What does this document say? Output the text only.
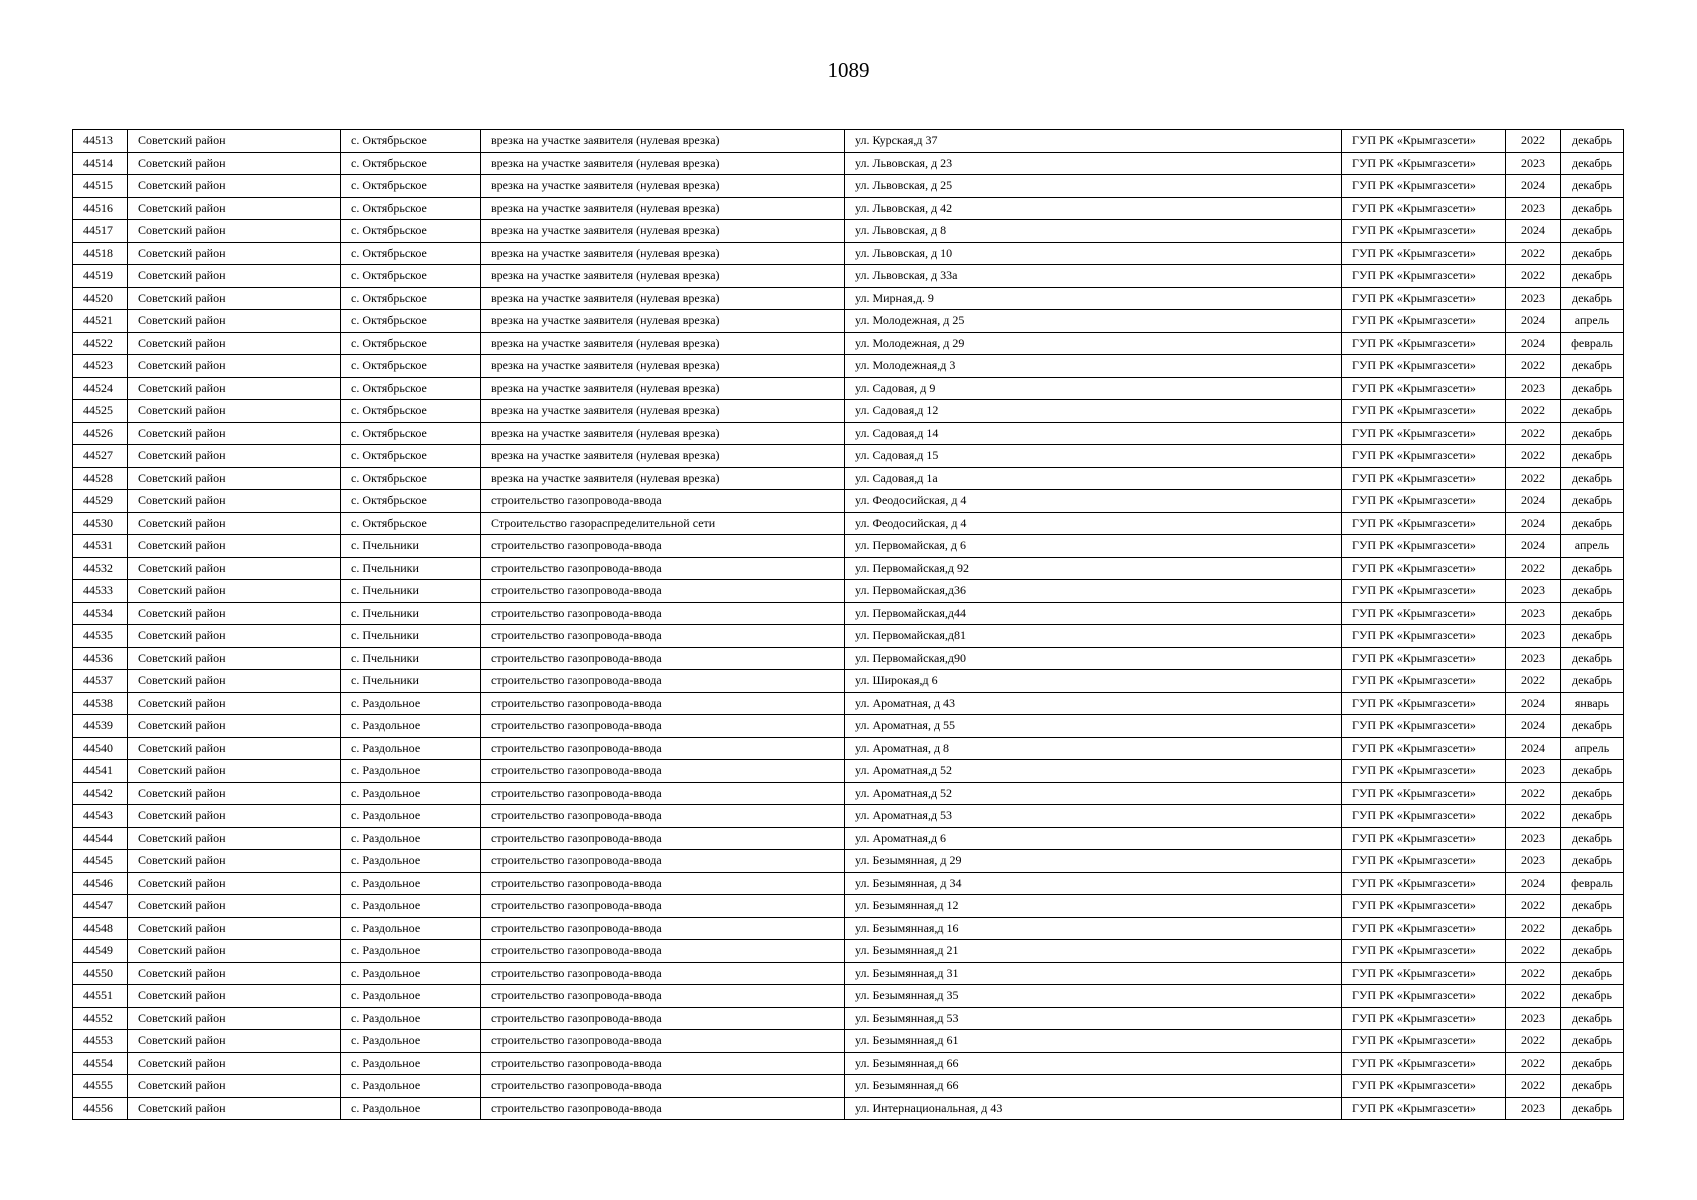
1089
44513	Советский район	с. Октябрьское	врезка на участке заявителя (нулевая врезка)	ул. Курская,д 37	ГУП РК «Крымгазсети»	2022	декабрь
44514	Советский район	с. Октябрьское	врезка на участке заявителя (нулевая врезка)	ул. Львовская, д 23	ГУП РК «Крымгазсети»	2023	декабрь
44515	Советский район	с. Октябрьское	врезка на участке заявителя (нулевая врезка)	ул. Львовская, д 25	ГУП РК «Крымгазсети»	2024	декабрь
44516	Советский район	с. Октябрьское	врезка на участке заявителя (нулевая врезка)	ул. Львовская, д 42	ГУП РК «Крымгазсети»	2023	декабрь
44517	Советский район	с. Октябрьское	врезка на участке заявителя (нулевая врезка)	ул. Львовская, д 8	ГУП РК «Крымгазсети»	2024	декабрь
44518	Советский район	с. Октябрьское	врезка на участке заявителя (нулевая врезка)	ул. Львовская, д 10	ГУП РК «Крымгазсети»	2022	декабрь
44519	Советский район	с. Октябрьское	врезка на участке заявителя (нулевая врезка)	ул. Львовская, д 33а	ГУП РК «Крымгазсети»	2022	декабрь
44520	Советский район	с. Октябрьское	врезка на участке заявителя (нулевая врезка)	ул. Мирная,д. 9	ГУП РК «Крымгазсети»	2023	декабрь
44521	Советский район	с. Октябрьское	врезка на участке заявителя (нулевая врезка)	ул. Молодежная, д 25	ГУП РК «Крымгазсети»	2024	апрель
44522	Советский район	с. Октябрьское	врезка на участке заявителя (нулевая врезка)	ул. Молодежная, д 29	ГУП РК «Крымгазсети»	2024	февраль
44523	Советский район	с. Октябрьское	врезка на участке заявителя (нулевая врезка)	ул. Молодежная,д 3	ГУП РК «Крымгазсети»	2022	декабрь
44524	Советский район	с. Октябрьское	врезка на участке заявителя (нулевая врезка)	ул. Садовая, д 9	ГУП РК «Крымгазсети»	2023	декабрь
44525	Советский район	с. Октябрьское	врезка на участке заявителя (нулевая врезка)	ул. Садовая,д 12	ГУП РК «Крымгазсети»	2022	декабрь
44526	Советский район	с. Октябрьское	врезка на участке заявителя (нулевая врезка)	ул. Садовая,д 14	ГУП РК «Крымгазсети»	2022	декабрь
44527	Советский район	с. Октябрьское	врезка на участке заявителя (нулевая врезка)	ул. Садовая,д 15	ГУП РК «Крымгазсети»	2022	декабрь
44528	Советский район	с. Октябрьское	врезка на участке заявителя (нулевая врезка)	ул. Садовая,д 1а	ГУП РК «Крымгазсети»	2022	декабрь
44529	Советский район	с. Октябрьское	строительство газопровода-ввода	ул. Феодосийская, д 4	ГУП РК «Крымгазсети»	2024	декабрь
44530	Советский район	с. Октябрьское	Строительство газораспределительной сети	ул. Феодосийская, д 4	ГУП РК «Крымгазсети»	2024	декабрь
44531	Советский район	с. Пчельники	строительство газопровода-ввода	ул. Первомайская, д 6	ГУП РК «Крымгазсети»	2024	апрель
44532	Советский район	с. Пчельники	строительство газопровода-ввода	ул. Первомайская,д 92	ГУП РК «Крымгазсети»	2022	декабрь
44533	Советский район	с. Пчельники	строительство газопровода-ввода	ул. Первомайская,д36	ГУП РК «Крымгазсети»	2023	декабрь
44534	Советский район	с. Пчельники	строительство газопровода-ввода	ул. Первомайская,д44	ГУП РК «Крымгазсети»	2023	декабрь
44535	Советский район	с. Пчельники	строительство газопровода-ввода	ул. Первомайская,д81	ГУП РК «Крымгазсети»	2023	декабрь
44536	Советский район	с. Пчельники	строительство газопровода-ввода	ул. Первомайская,д90	ГУП РК «Крымгазсети»	2023	декабрь
44537	Советский район	с. Пчельники	строительство газопровода-ввода	ул. Широкая,д 6	ГУП РК «Крымгазсети»	2022	декабрь
44538	Советский район	с. Раздольное	строительство газопровода-ввода	ул. Ароматная, д 43	ГУП РК «Крымгазсети»	2024	январь
44539	Советский район	с. Раздольное	строительство газопровода-ввода	ул. Ароматная, д 55	ГУП РК «Крымгазсети»	2024	декабрь
44540	Советский район	с. Раздольное	строительство газопровода-ввода	ул. Ароматная, д 8	ГУП РК «Крымгазсети»	2024	апрель
44541	Советский район	с. Раздольное	строительство газопровода-ввода	ул. Ароматная,д 52	ГУП РК «Крымгазсети»	2023	декабрь
44542	Советский район	с. Раздольное	строительство газопровода-ввода	ул. Ароматная,д 52	ГУП РК «Крымгазсети»	2022	декабрь
44543	Советский район	с. Раздольное	строительство газопровода-ввода	ул. Ароматная,д 53	ГУП РК «Крымгазсети»	2022	декабрь
44544	Советский район	с. Раздольное	строительство газопровода-ввода	ул. Ароматная,д 6	ГУП РК «Крымгазсети»	2023	декабрь
44545	Советский район	с. Раздольное	строительство газопровода-ввода	ул. Безымянная, д 29	ГУП РК «Крымгазсети»	2023	декабрь
44546	Советский район	с. Раздольное	строительство газопровода-ввода	ул. Безымянная, д 34	ГУП РК «Крымгазсети»	2024	февраль
44547	Советский район	с. Раздольное	строительство газопровода-ввода	ул. Безымянная,д 12	ГУП РК «Крымгазсети»	2022	декабрь
44548	Советский район	с. Раздольное	строительство газопровода-ввода	ул. Безымянная,д 16	ГУП РК «Крымгазсети»	2022	декабрь
44549	Советский район	с. Раздольное	строительство газопровода-ввода	ул. Безымянная,д 21	ГУП РК «Крымгазсети»	2022	декабрь
44550	Советский район	с. Раздольное	строительство газопровода-ввода	ул. Безымянная,д 31	ГУП РК «Крымгазсети»	2022	декабрь
44551	Советский район	с. Раздольное	строительство газопровода-ввода	ул. Безымянная,д 35	ГУП РК «Крымгазсети»	2022	декабрь
44552	Советский район	с. Раздольное	строительство газопровода-ввода	ул. Безымянная,д 53	ГУП РК «Крымгазсети»	2023	декабрь
44553	Советский район	с. Раздольное	строительство газопровода-ввода	ул. Безымянная,д 61	ГУП РК «Крымгазсети»	2022	декабрь
44554	Советский район	с. Раздольное	строительство газопровода-ввода	ул. Безымянная,д 66	ГУП РК «Крымгазсети»	2022	декабрь
44555	Советский район	с. Раздольное	строительство газопровода-ввода	ул. Безымянная,д 66	ГУП РК «Крымгазсети»	2022	декабрь
44556	Советский район	с. Раздольное	строительство газопровода-ввода	ул. Интернациональная, д 43	ГУП РК «Крымгазсети»	2023	декабрь
